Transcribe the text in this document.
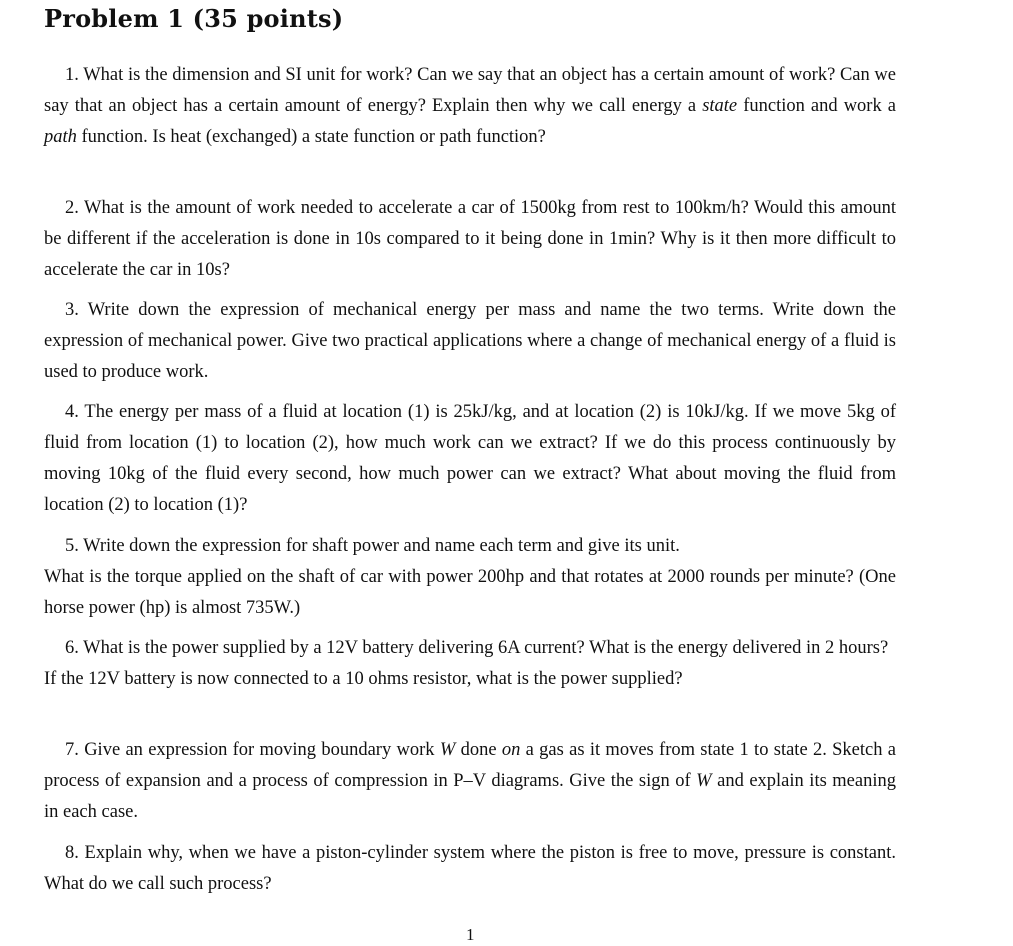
Problem 1 (35 points)

1. What is the dimension and SI unit for work? Can we say that an object has a certain amount of work? Can we say that an object has a certain amount of energy? Explain then why we call energy a state function and work a path function. Is heat (exchanged) a state function or path function?

2. What is the amount of work needed to accelerate a car of 1500kg from rest to 100km/h? Would this amount be different if the acceleration is done in 10s compared to it being done in 1min? Why is it then more difficult to accelerate the car in 10s?

3. Write down the expression of mechanical energy per mass and name the two terms. Write down the expression of mechanical power. Give two practical applications where a change of mechanical energy of a fluid is used to produce work.

4. The energy per mass of a fluid at location (1) is 25kJ/kg, and at location (2) is 10kJ/kg. If we move 5kg of fluid from location (1) to location (2), how much work can we extract? If we do this process continuously by moving 10kg of the fluid every second, how much power can we extract? What about moving the fluid from location (2) to location (1)?

5. Write down the expression for shaft power and name each term and give its unit.
What is the torque applied on the shaft of car with power 200hp and that rotates at 2000 rounds per minute? (One horse power (hp) is almost 735W.)

6. What is the power supplied by a 12V battery delivering 6A current? What is the energy delivered in 2 hours?
If the 12V battery is now connected to a 10 ohms resistor, what is the power supplied?

7. Give an expression for moving boundary work W done on a gas as it moves from state 1 to state 2. Sketch a process of expansion and a process of compression in P–V diagrams. Give the sign of W and explain its meaning in each case.

8. Explain why, when we have a piston-cylinder system where the piston is free to move, pressure is constant. What do we call such process?

1
